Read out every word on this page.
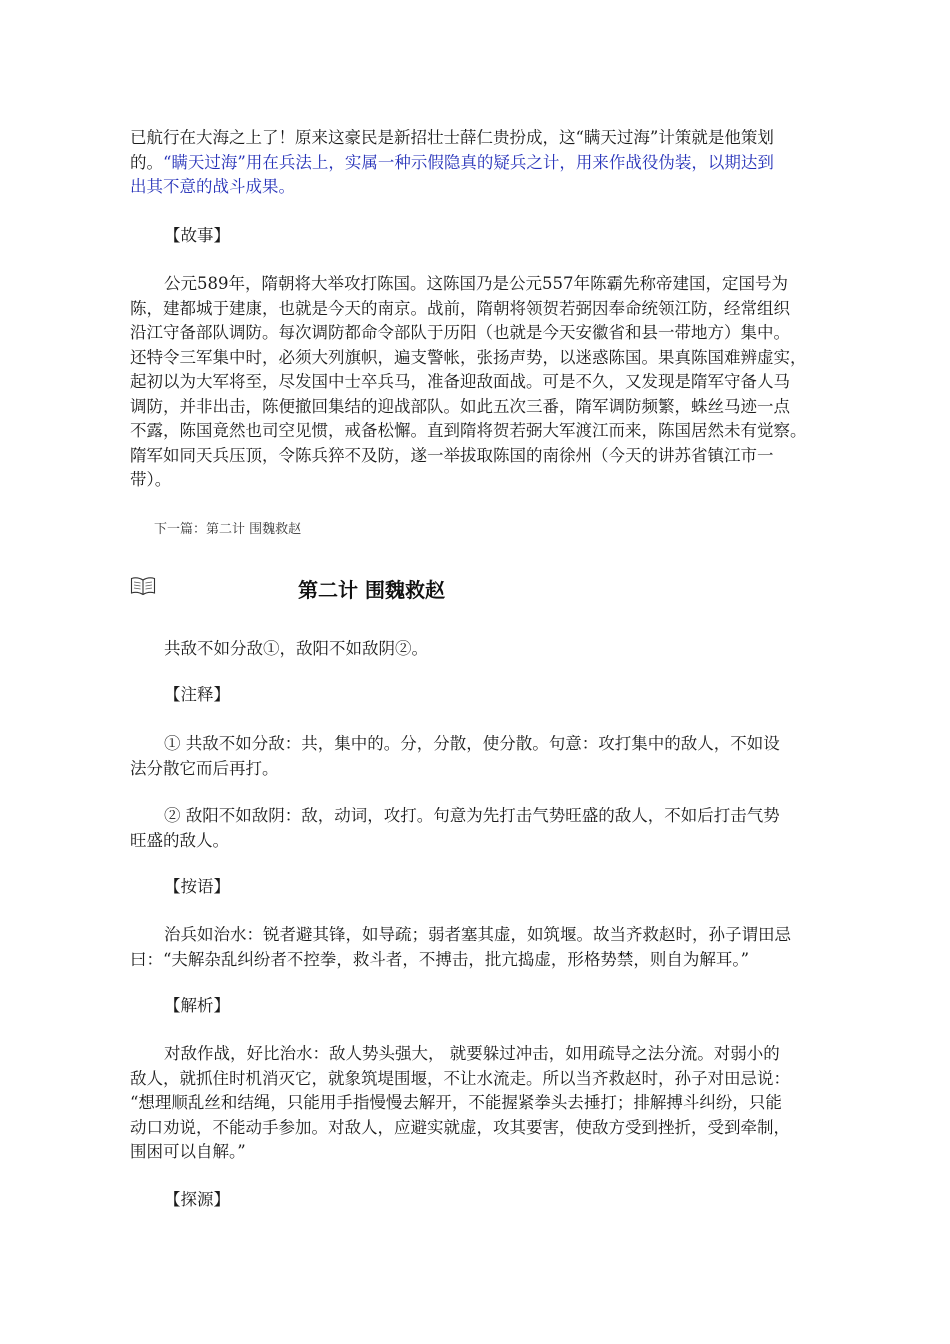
已航行在大海之上了！原来这豪民是新招壮士薛仁贵扮成，这“瞒天过海”计策就是他策划
的。“瞒天过海”用在兵法上，实属一种示假隐真的疑兵之计，用来作战役伪装，以期达到
出其不意的战斗成果。
【故事】
公元589年，隋朝将大举攻打陈国。这陈国乃是公元557年陈霸先称帝建国，定国号为
陈，建都城于建康，也就是今天的南京。战前，隋朝将领贺若弼因奉命统领江防，经常组织
沿江守备部队调防。每次调防都命令部队于历阳（也就是今天安徽省和县一带地方）集中。
还特令三军集中时，必须大列旗帜，遍支警帐，张扬声势，以迷惑陈国。果真陈国难辨虚实，
起初以为大军将至，尽发国中士卒兵马，准备迎敌面战。可是不久，又发现是隋军守备人马
调防，并非出击，陈便撤回集结的迎战部队。如此五次三番，隋军调防频繁，蛛丝马迹一点
不露，陈国竟然也司空见惯，戒备松懈。直到隋将贺若弼大军渡江而来，陈国居然未有觉察。
隋军如同天兵压顶，令陈兵猝不及防，遂一举拔取陈国的南徐州（今天的讲苏省镇江市一
带）。
下一篇：第二计 围魏救赵
第二计 围魏救赵
共敌不如分敌①，敌阳不如敌阴②。
【注释】
① 共敌不如分敌：共，集中的。分，分散，使分散。句意：攻打集中的敌人，不如设
法分散它而后再打。
② 敌阳不如敌阴：敌，动词，攻打。句意为先打击气势旺盛的敌人，不如后打击气势
旺盛的敌人。
【按语】
治兵如治水：锐者避其锋，如导疏；弱者塞其虚，如筑堰。故当齐救赵时，孙子谓田忌
曰：“夫解杂乱纠纷者不控拳，救斗者，不搏击，批亢捣虚，形格势禁，则自为解耳。”
【解析】
对敌作战，好比治水：敌人势头强大， 就要躲过冲击，如用疏导之法分流。对弱小的
敌人，就抓住时机消灭它，就象筑堤围堰，不让水流走。所以当齐救赵时，孙子对田忌说：
“想理顺乱丝和结绳，只能用手指慢慢去解开，不能握紧拳头去捶打；排解搏斗纠纷，只能
动口劝说，不能动手参加。对敌人，应避实就虚，攻其要害，使敌方受到挫折，受到牵制，
围困可以自解。”
【探源】
